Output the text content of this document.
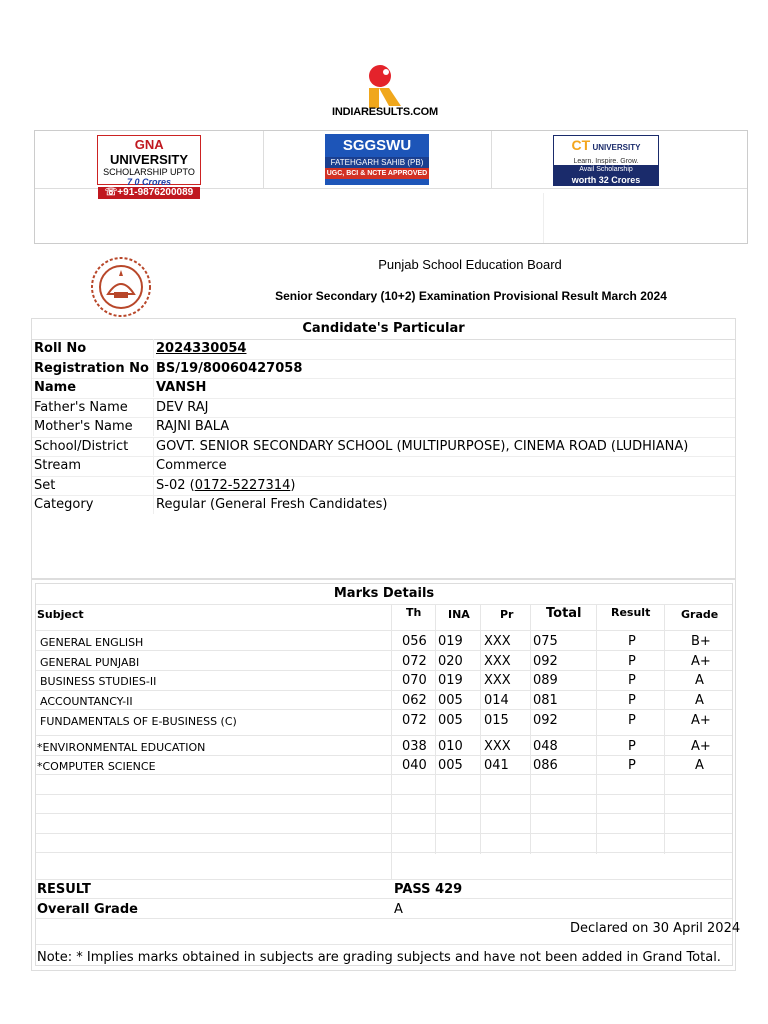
INDIARESULTS.COM
GNA UNIVERSITY
SCHOLARSHIP UPTO
7 0 Crores
☏+91-9876200089
SGGSWU
FATEHGARH SAHIB (PB)
UGC, BCI & NCTE APPROVED
CT UNIVERSITY
Learn. Inspire. Grow.
Avail Scholarship
worth 32 Crores
Punjab School Education Board
Senior Secondary (10+2) Examination Provisional Result March 2024
Candidate's Particular
Roll No	2024330054
Registration No BS/19/80060427058
Name	VANSH
Father's Name DEV RAJ
Mother's Name RAJNI BALA
School/District GOVT. SENIOR SECONDARY SCHOOL (MULTIPURPOSE), CINEMA ROAD (LUDHIANA)
Stream	Commerce
Set	S-02 (0172-5227314)
Category	Regular (General Fresh Candidates)
Marks Details
Subject	Th INA	Pr	Total	Result	Grade
GENERAL ENGLISH	056 019 XXX 075	P	B+
GENERAL PUNJABI	072 020 XXX 092	P	A+
BUSINESS STUDIES-II	070 019 XXX 089	P	A
ACCOUNTANCY-II	062 005 014 081	P	A
FUNDAMENTALS OF E-BUSINESS (C)	072 005 015 092	P	A+
*ENVIRONMENTAL EDUCATION	038 010 XXX 048	P	A+
*COMPUTER SCIENCE	040 005 041 086	P	A
RESULT	PASS 429
Overall Grade	A
Declared on 30 April 2024
Note: * Implies marks obtained in subjects are grading subjects and have not been added in Grand Total.
